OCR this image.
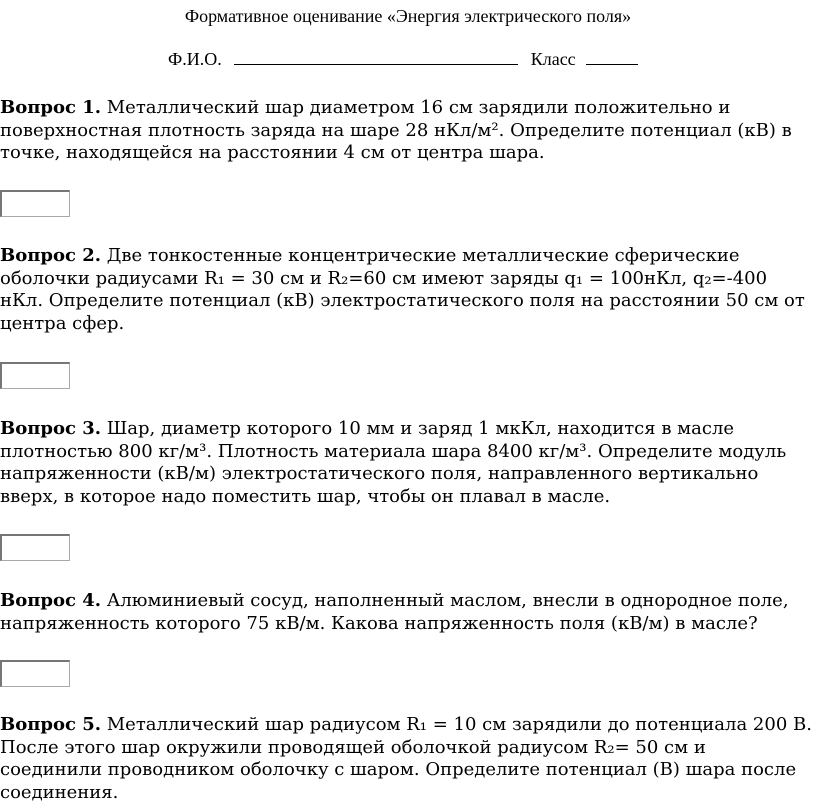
Формативное оценивание «Энергия электрического поля»
Ф.И.О.	Класс

Вопрос 1. Металлический шар диаметром 16 см зарядили положительно и поверхностная плотность заряда на шаре 28 нКл/м². Определите потенциал (кВ) в точке, находящейся на расстоянии 4 см от центра шара.

Вопрос 2. Две тонкостенные концентрические металлические сферические оболочки радиусами R₁ = 30 см и R₂=60 см имеют заряды q₁ = 100нКл, q₂=-400 нКл. Определите потенциал (кВ) электростатического поля на расстоянии 50 см от центра сфер.

Вопрос 3. Шар, диаметр которого 10 мм и заряд 1 мкКл, находится в масле плотностью 800 кг/м³. Плотность материала шара 8400 кг/м³. Определите модуль напряженности (кВ/м) электростатического поля, направленного вертикально вверх, в которое надо поместить шар, чтобы он плавал в масле.

Вопрос 4. Алюминиевый сосуд, наполненный маслом, внесли в однородное поле, напряженность которого 75 кВ/м. Какова напряженность поля (кВ/м) в масле?

Вопрос 5. Металлический шар радиусом R₁ = 10 см зарядили до потенциала 200 В. После этого шар окружили проводящей оболочкой радиусом R₂= 50 см и соединили проводником оболочку с шаром. Определите потенциал (В) шара после соединения.
